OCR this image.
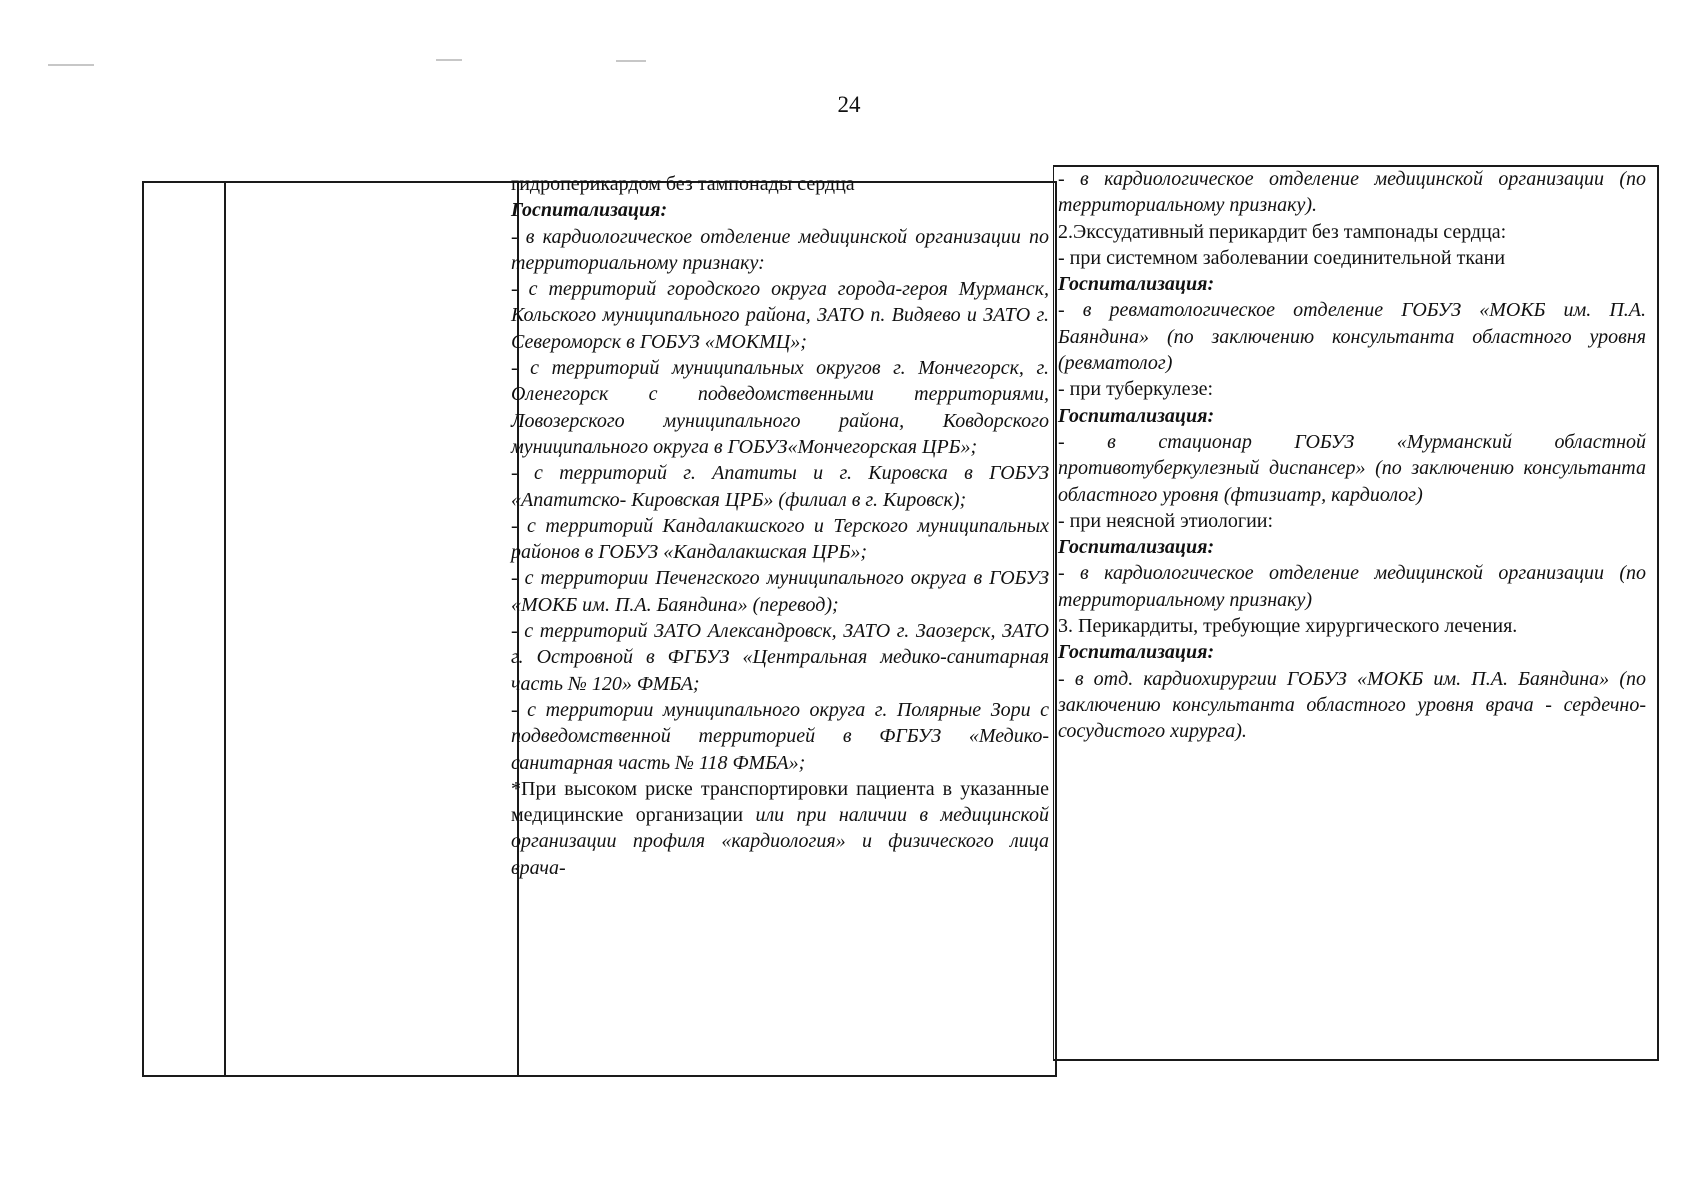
24

гидроперикардом без тампонады сердца

Госпитализация:

- в кардиологическое отделение медицинской организации по территориальному признаку:

- с территорий городского округа города-героя Мурманск, Кольского муниципального района, ЗАТО п. Видяево и ЗАТО г. Североморск в ГОБУЗ «МОКМЦ»;

- с территорий муниципальных округов г. Мончегорск, г. Оленегорск с подведомственными территориями, Ловозерского муниципального района, Ковдорского муниципального округа в ГОБУЗ«Мончегорская ЦРБ»;

- с территорий г. Апатиты и г. Кировска в ГОБУЗ «Апатитско- Кировская ЦРБ» (филиал в г. Кировск);

- с территорий Кандалакшского и Терского муниципальных районов в ГОБУЗ «Кандалакшская ЦРБ»;

- с территории Печенгского муниципального округа в ГОБУЗ «МОКБ им. П.А. Баяндина» (перевод);

- с территорий ЗАТО Александровск, ЗАТО г. Заозерск, ЗАТО г. Островной в ФГБУЗ «Центральная медико-санитарная часть № 120» ФМБА;

- с территории муниципального округа г. Полярные Зори с подведомственной территорией в ФГБУЗ «Медико-санитарная часть № 118 ФМБА»;

*При высоком риске транспортировки пациента в указанные медицинские организации или при наличии в медицинской организации профиля «кардиология» и физического лица врача-

- в кардиологическое отделение медицинской организации (по территориальному признаку).

2.Экссудативный перикардит без тампонады сердца:

- при системном заболевании соединительной ткани

Госпитализация:

- в ревматологическое отделение ГОБУЗ «МОКБ им. П.А. Баяндина» (по заключению консультанта областного уровня (ревматолог)

- при туберкулезе:

Госпитализация:

- в стационар ГОБУЗ «Мурманский областной противотуберкулезный диспансер» (по заключению консультанта областного уровня (фтизиатр, кардиолог)

- при неясной этиологии:

Госпитализация:

- в кардиологическое отделение медицинской организации (по территориальному признаку)

3. Перикардиты, требующие хирургического лечения.

Госпитализация:

- в отд. кардиохирургии ГОБУЗ «МОКБ им. П.А. Баяндина» (по заключению консультанта областного уровня врача - сердечно-сосудистого хирурга).
